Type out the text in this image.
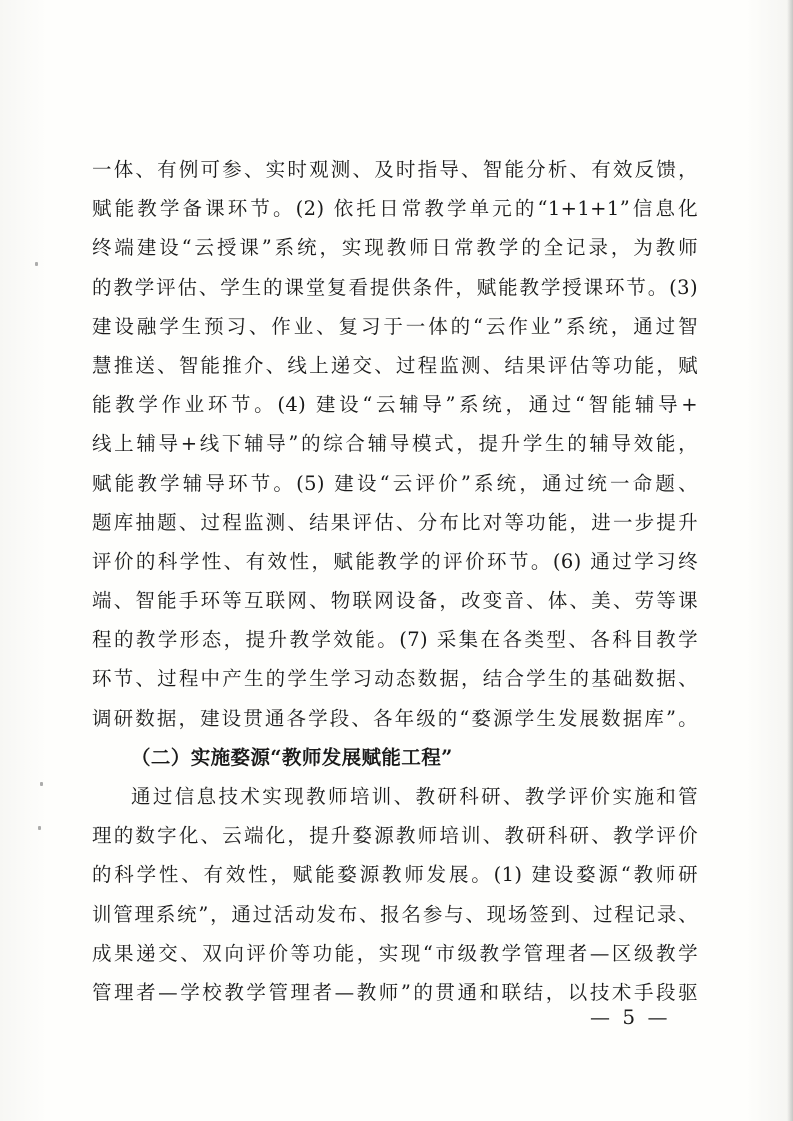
一体、有例可参、实时观测、及时指导、智能分析、有效反馈，
赋能教学备课环节。(2) 依托日常教学单元的“1+1+1”信息化
终端建设“云授课”系统，实现教师日常教学的全记录，为教师
的教学评估、学生的课堂复看提供条件，赋能教学授课环节。(3)
建设融学生预习、作业、复习于一体的“云作业”系统，通过智
慧推送、智能推介、线上递交、过程监测、结果评估等功能，赋
能教学作业环节。(4) 建设“云辅导”系统，通过“智能辅导+
线上辅导+线下辅导”的综合辅导模式，提升学生的辅导效能，
赋能教学辅导环节。(5) 建设“云评价”系统，通过统一命题、
题库抽题、过程监测、结果评估、分布比对等功能，进一步提升
评价的科学性、有效性，赋能教学的评价环节。(6) 通过学习终
端、智能手环等互联网、物联网设备，改变音、体、美、劳等课
程的教学形态，提升教学效能。(7) 采集在各类型、各科目教学
环节、过程中产生的学生学习动态数据，结合学生的基础数据、
调研数据，建设贯通各学段、各年级的“婺源学生发展数据库”。
（二）实施婺源“教师发展赋能工程”
通过信息技术实现教师培训、教研科研、教学评价实施和管
理的数字化、云端化，提升婺源教师培训、教研科研、教学评价
的科学性、有效性，赋能婺源教师发展。(1) 建设婺源“教师研
训管理系统”，通过活动发布、报名参与、现场签到、过程记录、
成果递交、双向评价等功能，实现“市级教学管理者—区级教学
管理者—学校教学管理者—教师”的贯通和联结，以技术手段驱
— 5 —
